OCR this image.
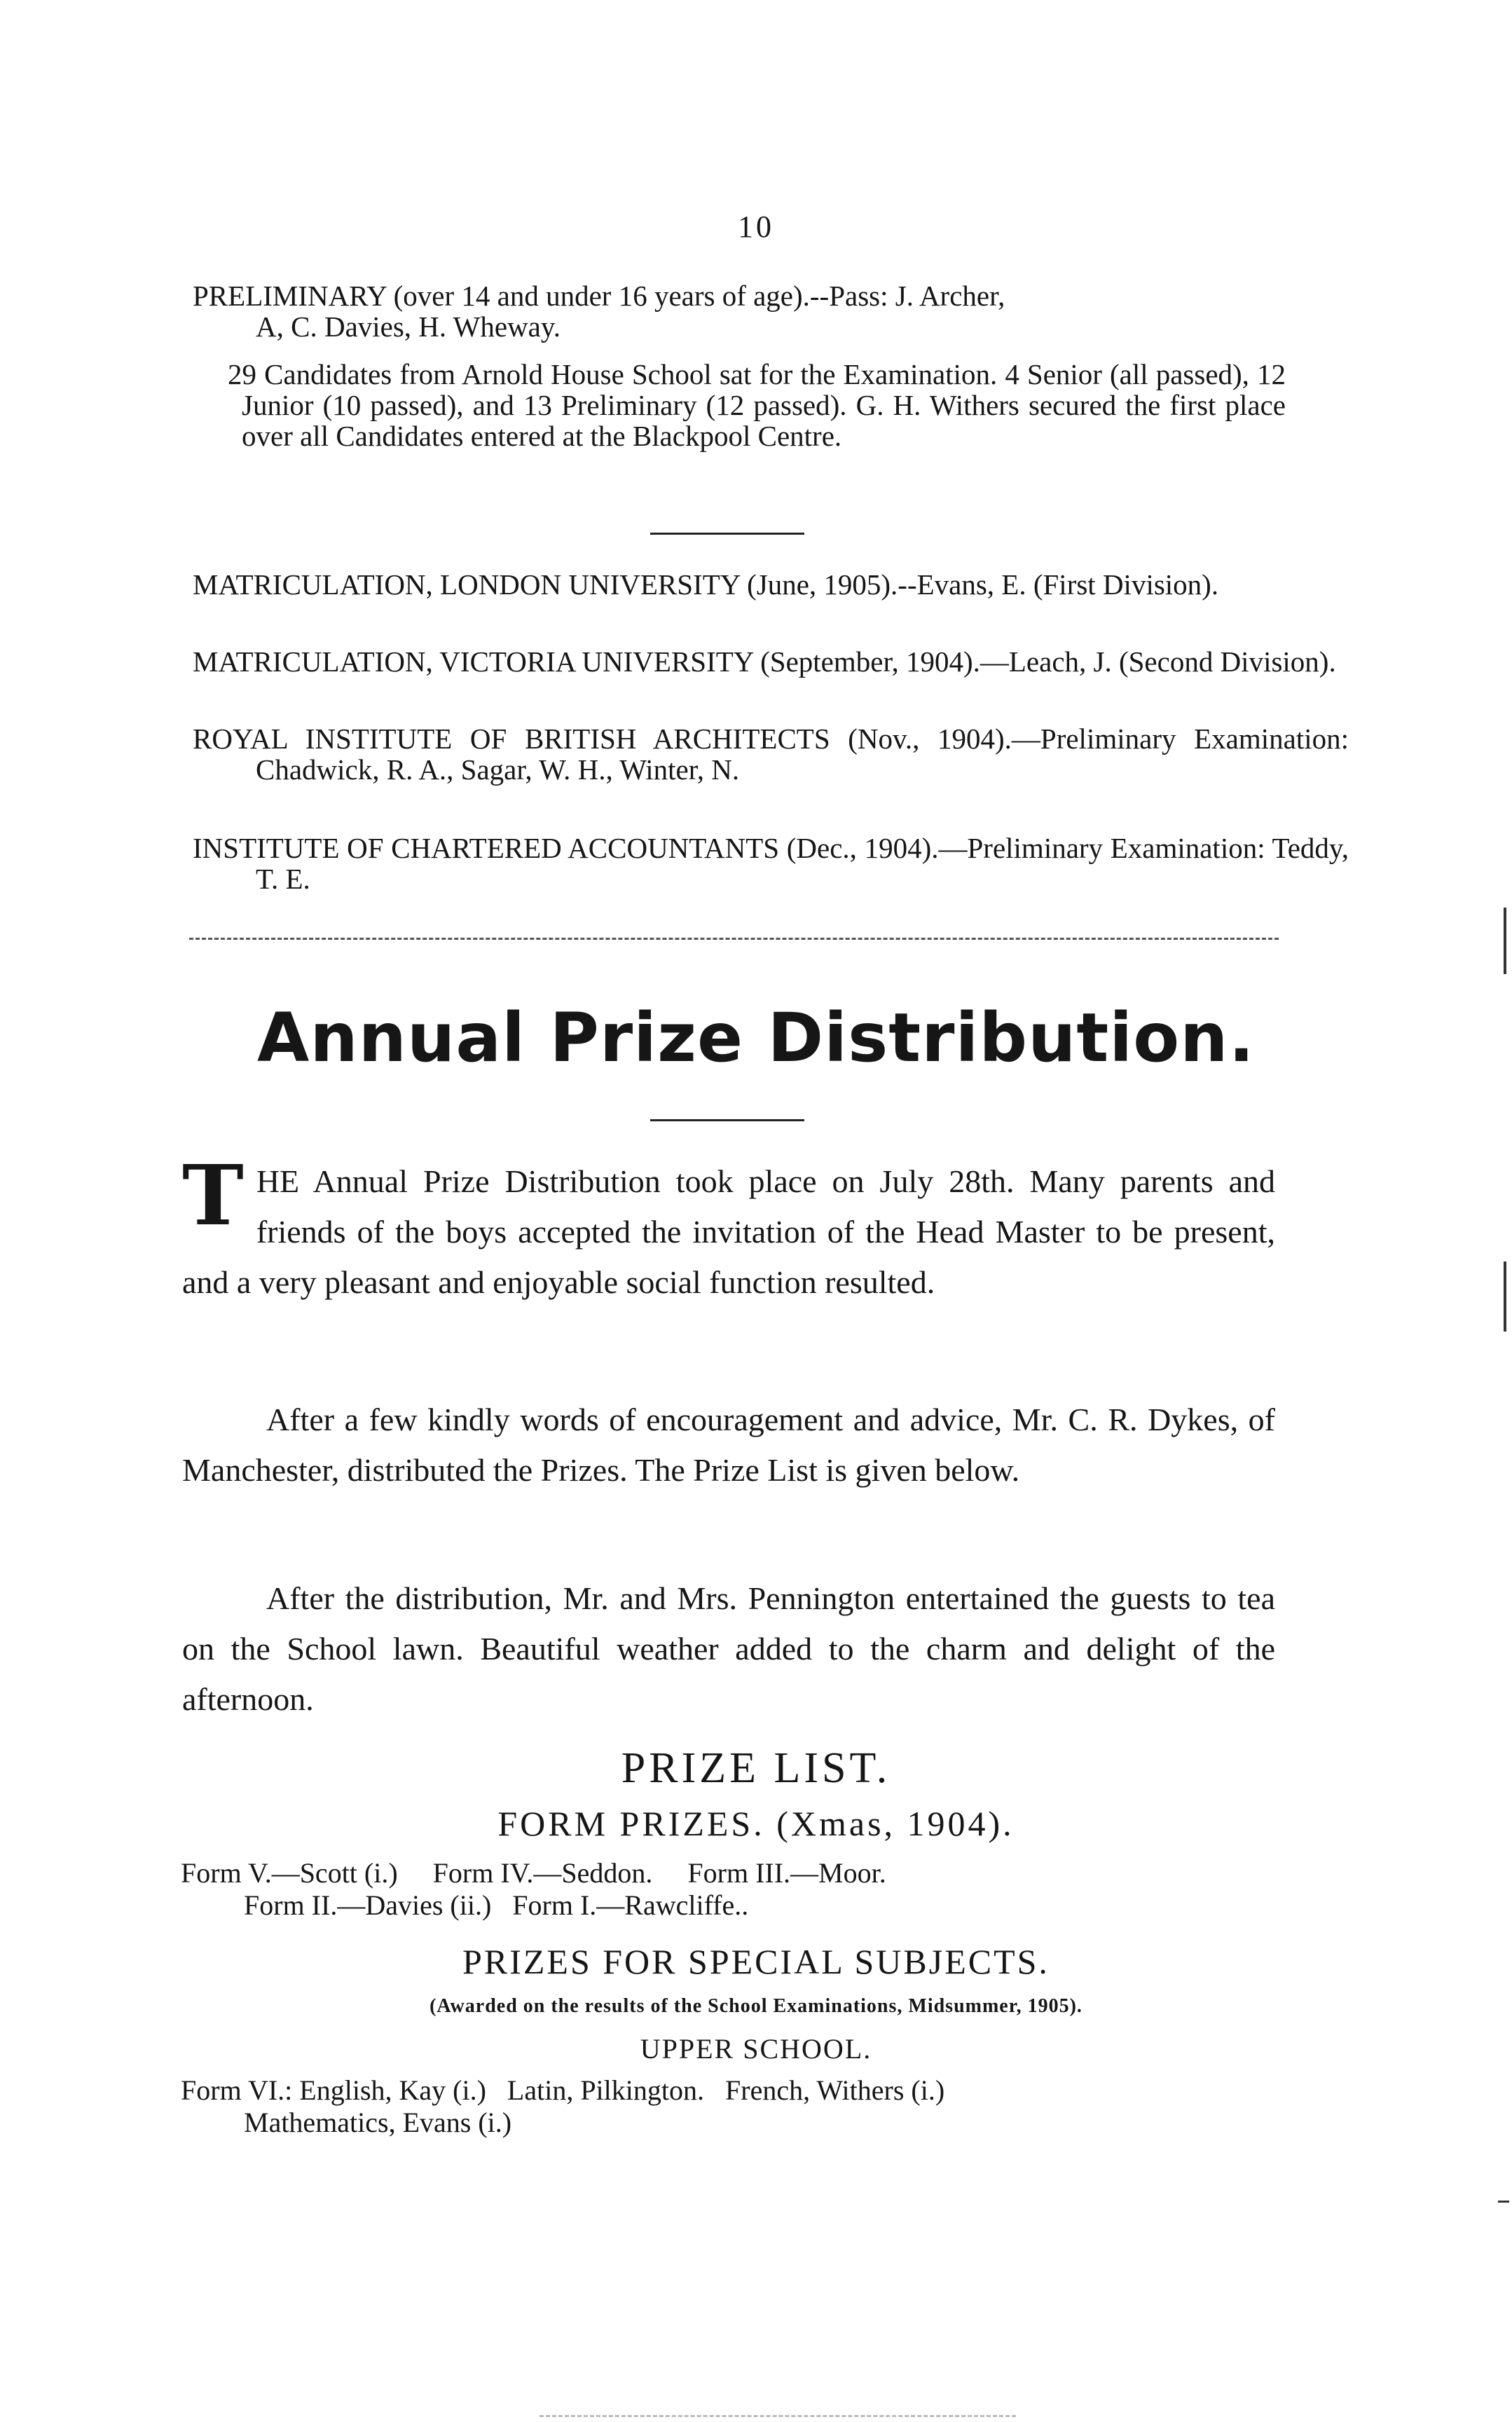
10
PRELIMINARY (over 14 and under 16 years of age).--Pass: J. Archer,
A, C. Davies, H. Wheway.
29 Candidates from Arnold House School sat for the Examination. 4 Senior (all passed), 12 Junior (10 passed), and 13 Preliminary (12 passed). G. H. Withers secured the first place over all Candidates entered at the Blackpool Centre.
MATRICULATION, LONDON UNIVERSITY (June, 1905).--Evans, E. (First Division).
MATRICULATION, VICTORIA UNIVERSITY (September, 1904).—Leach, J. (Second Division).
ROYAL INSTITUTE OF BRITISH ARCHITECTS (Nov., 1904).—Preliminary Examination: Chadwick, R. A., Sagar, W. H., Winter, N.
INSTITUTE OF CHARTERED ACCOUNTANTS (Dec., 1904).—Preliminary Examination: Teddy, T. E.
Annual Prize Distribution.
THE Annual Prize Distribution took place on July 28th. Many parents and friends of the boys accepted the invitation of the Head Master to be present, and a very pleasant and enjoyable social function resulted.
After a few kindly words of encouragement and advice, Mr. C. R. Dykes, of Manchester, distributed the Prizes. The Prize List is given below.
After the distribution, Mr. and Mrs. Pennington entertained the guests to tea on the School lawn. Beautiful weather added to the charm and delight of the afternoon.
PRIZE LIST.
FORM PRIZES. (Xmas, 1904).
Form V.—Scott (i.)     Form IV.—Seddon.     Form III.—Moor.
Form II.—Davies (ii.)   Form I.—Rawcliffe..
PRIZES FOR SPECIAL SUBJECTS.
(Awarded on the results of the School Examinations, Midsummer, 1905).
UPPER SCHOOL.
Form VI.: English, Kay (i.)   Latin, Pilkington.   French, Withers (i.)
Mathematics, Evans (i.)
